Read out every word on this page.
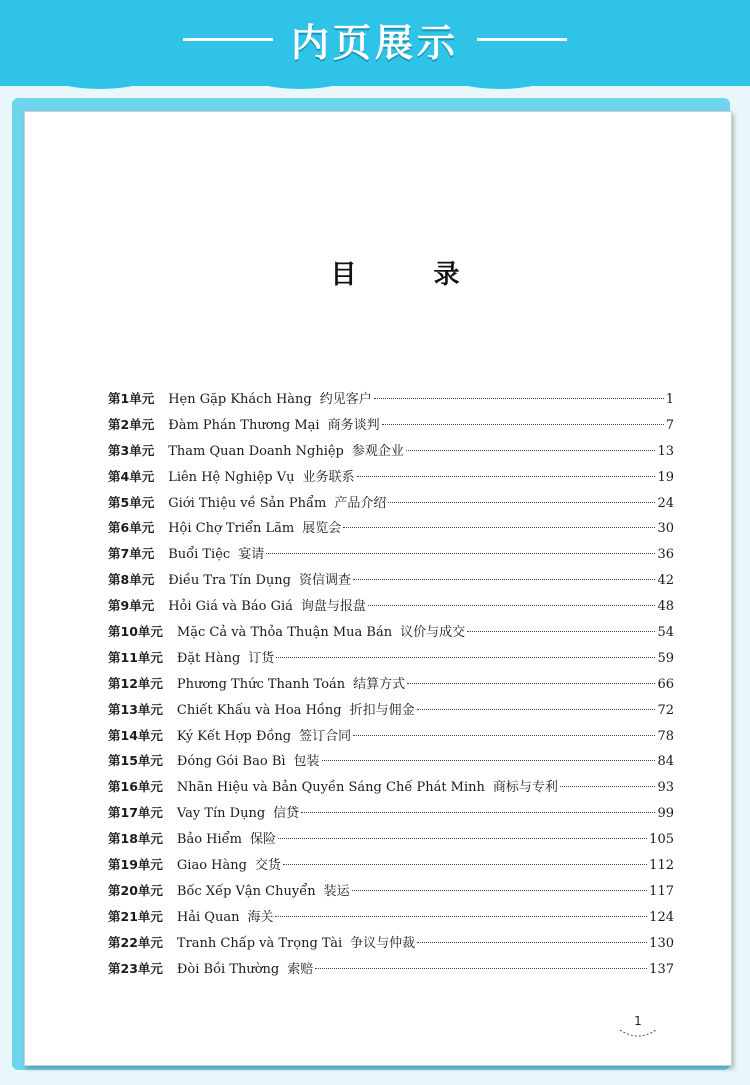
内页展示
目 录
第1单元 Hẹn Gặp Khách Hàng 约见客户	1
第2单元 Đàm Phán Thương Mại 商务谈判	7
第3单元 Tham Quan Doanh Nghiệp 参观企业	13
第4单元 Liên Hệ Nghiệp Vụ 业务联系	19
第5单元 Giới Thiệu về Sản Phẩm 产品介绍	24
第6单元 Hội Chợ Triển Lãm 展览会	30
第7单元 Buổi Tiệc 宴请	36
第8单元 Điều Tra Tín Dụng 资信调查	42
第9单元 Hỏi Giá và Báo Giá 询盘与报盘	48
第10单元 Mặc Cả và Thỏa Thuận Mua Bán 议价与成交	54
第11单元 Đặt Hàng 订货	59
第12单元 Phương Thức Thanh Toán 结算方式	66
第13单元 Chiết Khấu và Hoa Hồng 折扣与佣金	72
第14单元 Ký Kết Hợp Đồng 签订合同	78
第15单元 Đóng Gói Bao Bì 包装	84
第16单元 Nhãn Hiệu và Bản Quyền Sáng Chế Phát Minh 商标与专利	93
第17单元 Vay Tín Dụng 信贷	99
第18单元 Bảo Hiểm 保险	105
第19单元 Giao Hàng 交货	112
第20单元 Bốc Xếp Vận Chuyển 装运	117
第21单元 Hải Quan 海关	124
第22单元 Tranh Chấp và Trọng Tài 争议与仲裁	130
第23单元 Đòi Bồi Thường 索赔	137
1
